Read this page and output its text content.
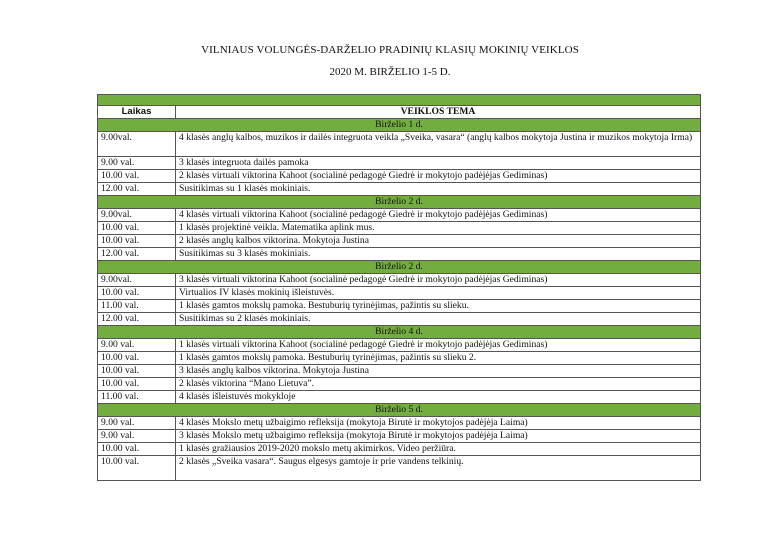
VILNIAUS VOLUNGĖS-DARŽELIO PRADINIŲ KLASIŲ MOKINIŲ VEIKLOS
2020 M. BIRŽELIO 1-5 D.

Laikas	VEIKLOS TEMA
Birželio 1 d.	
9.00val.	4 klasės anglų kalbos, muzikos ir dailės integruota veikla „Sveika, vasara“ (anglų kalbos mokytoja Justina ir muzikos mokytoja Irma)
9.00 val.	3 klasės integruota dailės pamoka
10.00 val.	2 klasės virtuali viktorina Kahoot (socialinė pedagogė Giedrė ir mokytojo padėjėjas Gediminas)
12.00 val.	Susitikimas su 1 klasės mokiniais.
Birželio 2 d.	
9.00val.	4 klasės virtuali viktorina Kahoot (socialinė pedagogė Giedrė ir mokytojo padėjėjas Gediminas)
10.00 val.	1 klasės projektinė veikla. Matematika aplink mus.
10.00 val.	2 klasės anglų kalbos viktorina. Mokytoja Justina
12.00 val.	Susitikimas su 3 klasės mokiniais.
Birželio 2 d.	
9.00val.	3 klasės virtuali viktorina Kahoot (socialinė pedagogė Giedrė ir mokytojo padėjėjas Gediminas)
10.00 val.	Virtualios IV klasės mokinių išleistuvės.
11.00 val.	1 klasės gamtos mokslų pamoka. Bestuburių tyrinėjimas, pažintis su slieku.
12.00 val.	Susitikimas su 2 klasės mokiniais.
Birželio 4 d.	
9.00 val.	1 klasės virtuali viktorina Kahoot (socialinė pedagogė Giedrė ir mokytojo padėjėjas Gediminas)
10.00 val.	1 klasės gamtos mokslų pamoka. Bestuburių tyrinėjimas, pažintis su slieku 2.
10.00 val.	3 klasės anglų kalbos viktorina. Mokytoja Justina
10.00 val.	2 klasės viktorina “Mano Lietuva”.
11.00 val.	4 klasės išleistuvės mokykloje
Birželio 5 d.	
9.00 val.	4 klasės Mokslo metų užbaigimo refleksija (mokytoja Birutė ir mokytojos padėjėja Laima)
9.00 val.	3 klasės Mokslo metų užbaigimo refleksija (mokytoja Birutė ir mokytojos padėjėja Laima)
10.00 val.	1 klasės gražiausios 2019-2020 mokslo metų akimirkos. Video peržiūra.
10.00 val.	2 klasės „Sveika vasara“. Saugus elgesys gamtoje ir prie vandens telkinių.
